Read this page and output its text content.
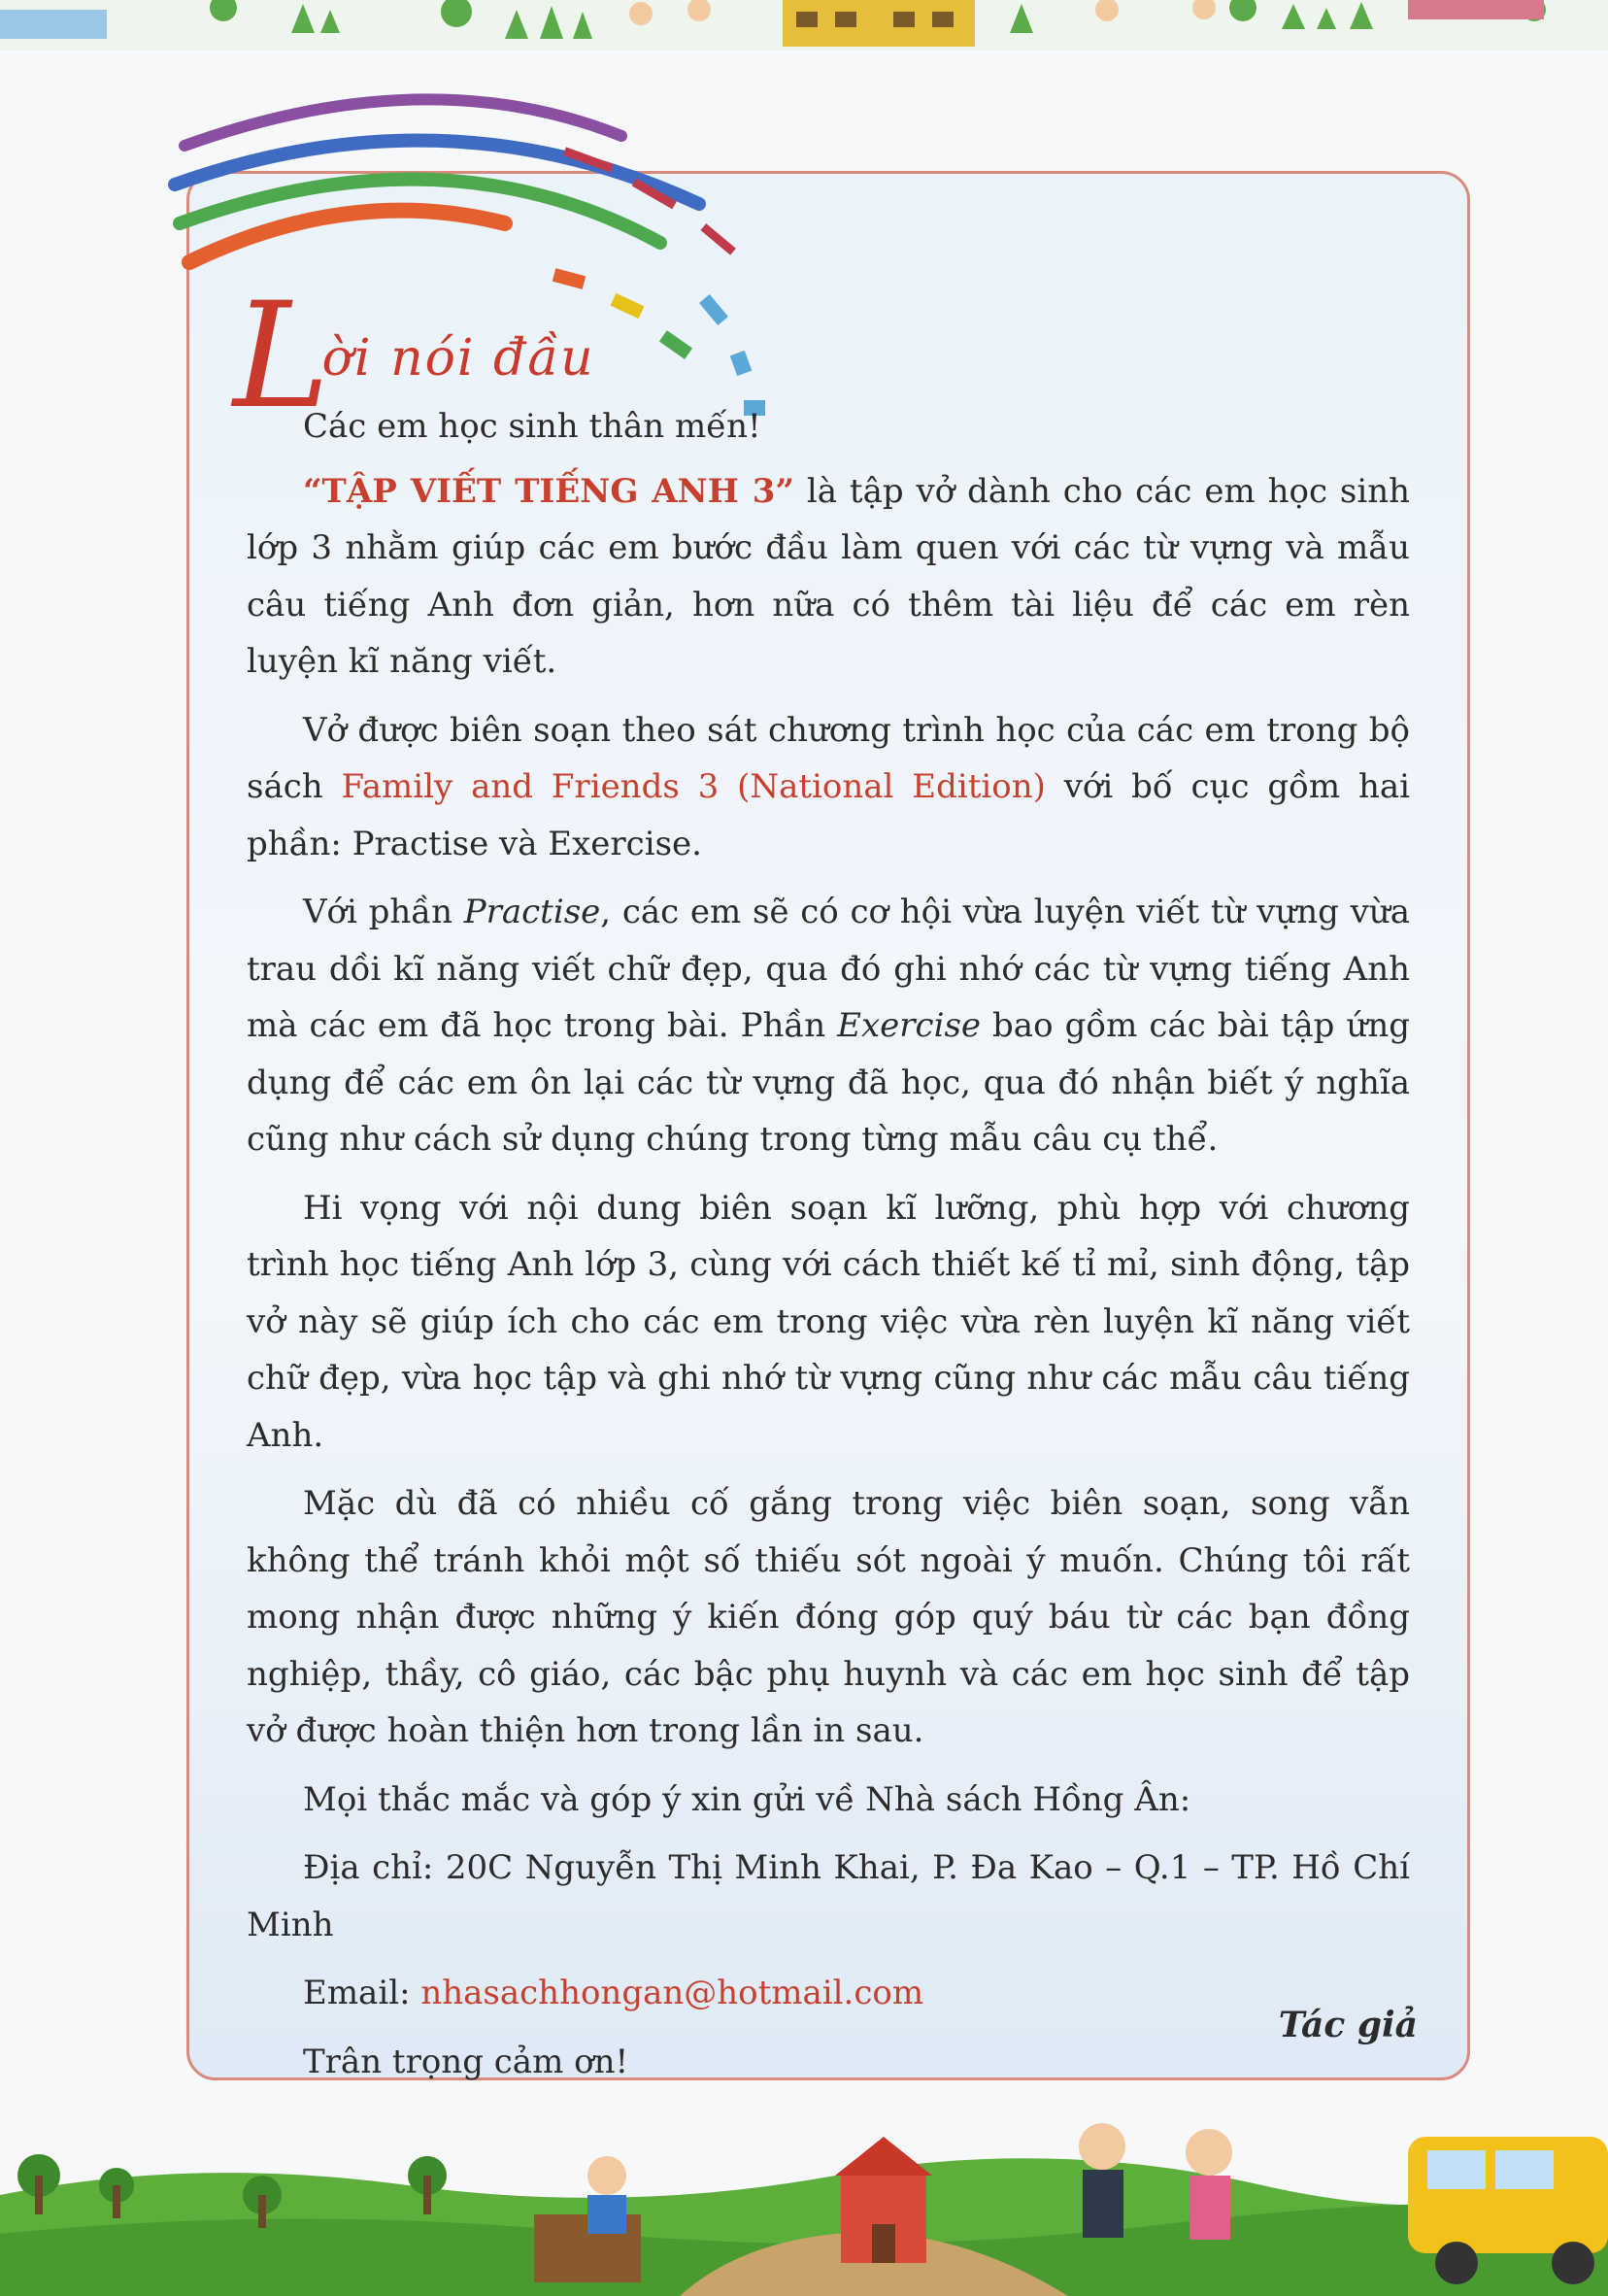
Lời nói đầu

Các em học sinh thân mến!

“TẬP VIẾT TIẾNG ANH 3” là tập vở dành cho các em học sinh lớp 3 nhằm giúp các em bước đầu làm quen với các từ vựng và mẫu câu tiếng Anh đơn giản, hơn nữa có thêm tài liệu để các em rèn luyện kĩ năng viết.

Vở được biên soạn theo sát chương trình học của các em trong bộ sách Family and Friends 3 (National Edition) với bố cục gồm hai phần: Practise và Exercise.

Với phần Practise, các em sẽ có cơ hội vừa luyện viết từ vựng vừa trau dồi kĩ năng viết chữ đẹp, qua đó ghi nhớ các từ vựng tiếng Anh mà các em đã học trong bài. Phần Exercise bao gồm các bài tập ứng dụng để các em ôn lại các từ vựng đã học, qua đó nhận biết ý nghĩa cũng như cách sử dụng chúng trong từng mẫu câu cụ thể.

Hi vọng với nội dung biên soạn kĩ lưỡng, phù hợp với chương trình học tiếng Anh lớp 3, cùng với cách thiết kế tỉ mỉ, sinh động, tập vở này sẽ giúp ích cho các em trong việc vừa rèn luyện kĩ năng viết chữ đẹp, vừa học tập và ghi nhớ từ vựng cũng như các mẫu câu tiếng Anh.

Mặc dù đã có nhiều cố gắng trong việc biên soạn, song vẫn không thể tránh khỏi một số thiếu sót ngoài ý muốn. Chúng tôi rất mong nhận được những ý kiến đóng góp quý báu từ các bạn đồng nghiệp, thầy, cô giáo, các bậc phụ huynh và các em học sinh để tập vở được hoàn thiện hơn trong lần in sau.

Mọi thắc mắc và góp ý xin gửi về Nhà sách Hồng Ân:

Địa chỉ: 20C Nguyễn Thị Minh Khai, P. Đa Kao – Q.1 – TP. Hồ Chí Minh

Email: nhasachhongan@hotmail.com

Trân trọng cảm ơn!

Tác giả
